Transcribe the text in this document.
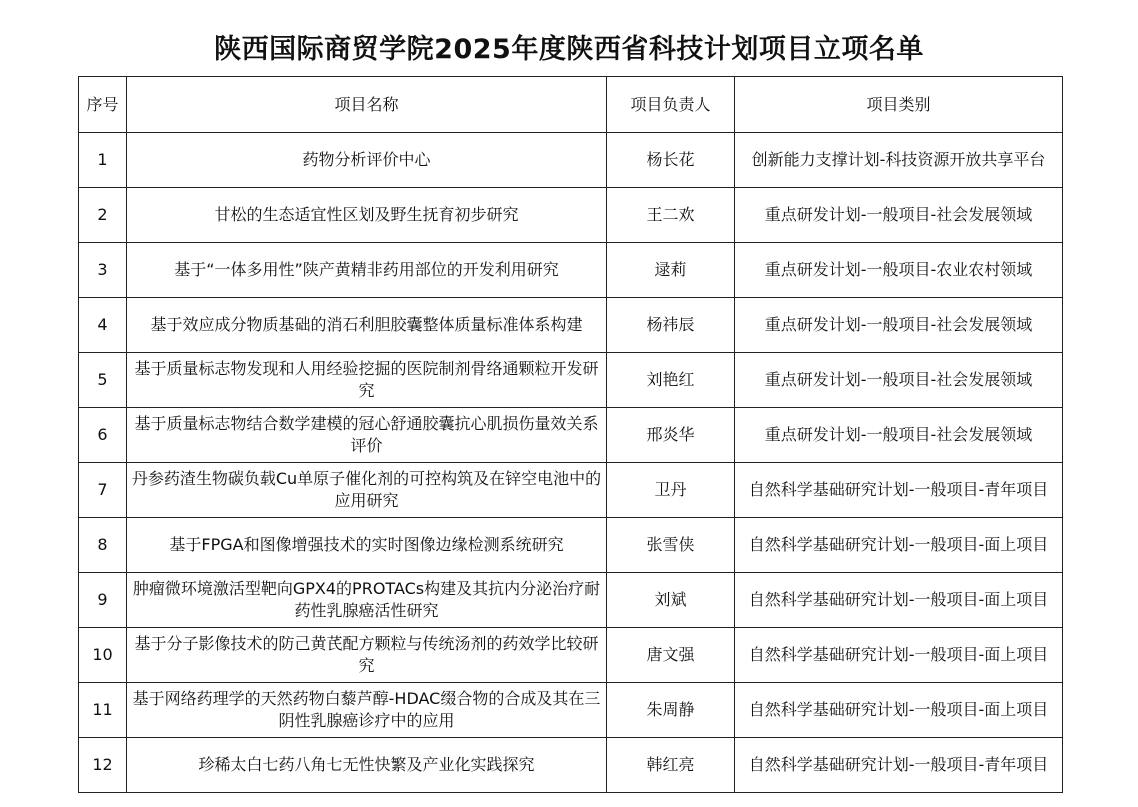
陕西国际商贸学院2025年度陕西省科技计划项目立项名单
序号	项目名称	项目负责人	项目类别
1	药物分析评价中心	杨长花	创新能力支撑计划-科技资源开放共享平台
2	甘松的生态适宜性区划及野生抚育初步研究	王二欢	重点研发计划-一般项目-社会发展领域
3	基于“一体多用性”陕产黄精非药用部位的开发利用研究	逯莉	重点研发计划-一般项目-农业农村领域
4	基于效应成分物质基础的消石利胆胶囊整体质量标准体系构建	杨祎辰	重点研发计划-一般项目-社会发展领域
5	基于质量标志物发现和人用经验挖掘的医院制剂骨络通颗粒开发研究	刘艳红	重点研发计划-一般项目-社会发展领域
6	基于质量标志物结合数学建模的冠心舒通胶囊抗心肌损伤量效关系评价	邢炎华	重点研发计划-一般项目-社会发展领域
7	丹参药渣生物碳负载Cu单原子催化剂的可控构筑及在锌空电池中的应用研究	卫丹	自然科学基础研究计划-一般项目-青年项目
8	基于FPGA和图像增强技术的实时图像边缘检测系统研究	张雪侠	自然科学基础研究计划-一般项目-面上项目
9	肿瘤微环境激活型靶向GPX4的PROTACs构建及其抗内分泌治疗耐药性乳腺癌活性研究	刘斌	自然科学基础研究计划-一般项目-面上项目
10	基于分子影像技术的防己黄芪配方颗粒与传统汤剂的药效学比较研究	唐文强	自然科学基础研究计划-一般项目-面上项目
11	基于网络药理学的天然药物白藜芦醇-HDAC缀合物的合成及其在三阴性乳腺癌诊疗中的应用	朱周静	自然科学基础研究计划-一般项目-面上项目
12	珍稀太白七药八角七无性快繁及产业化实践探究	韩红亮	自然科学基础研究计划-一般项目-青年项目
